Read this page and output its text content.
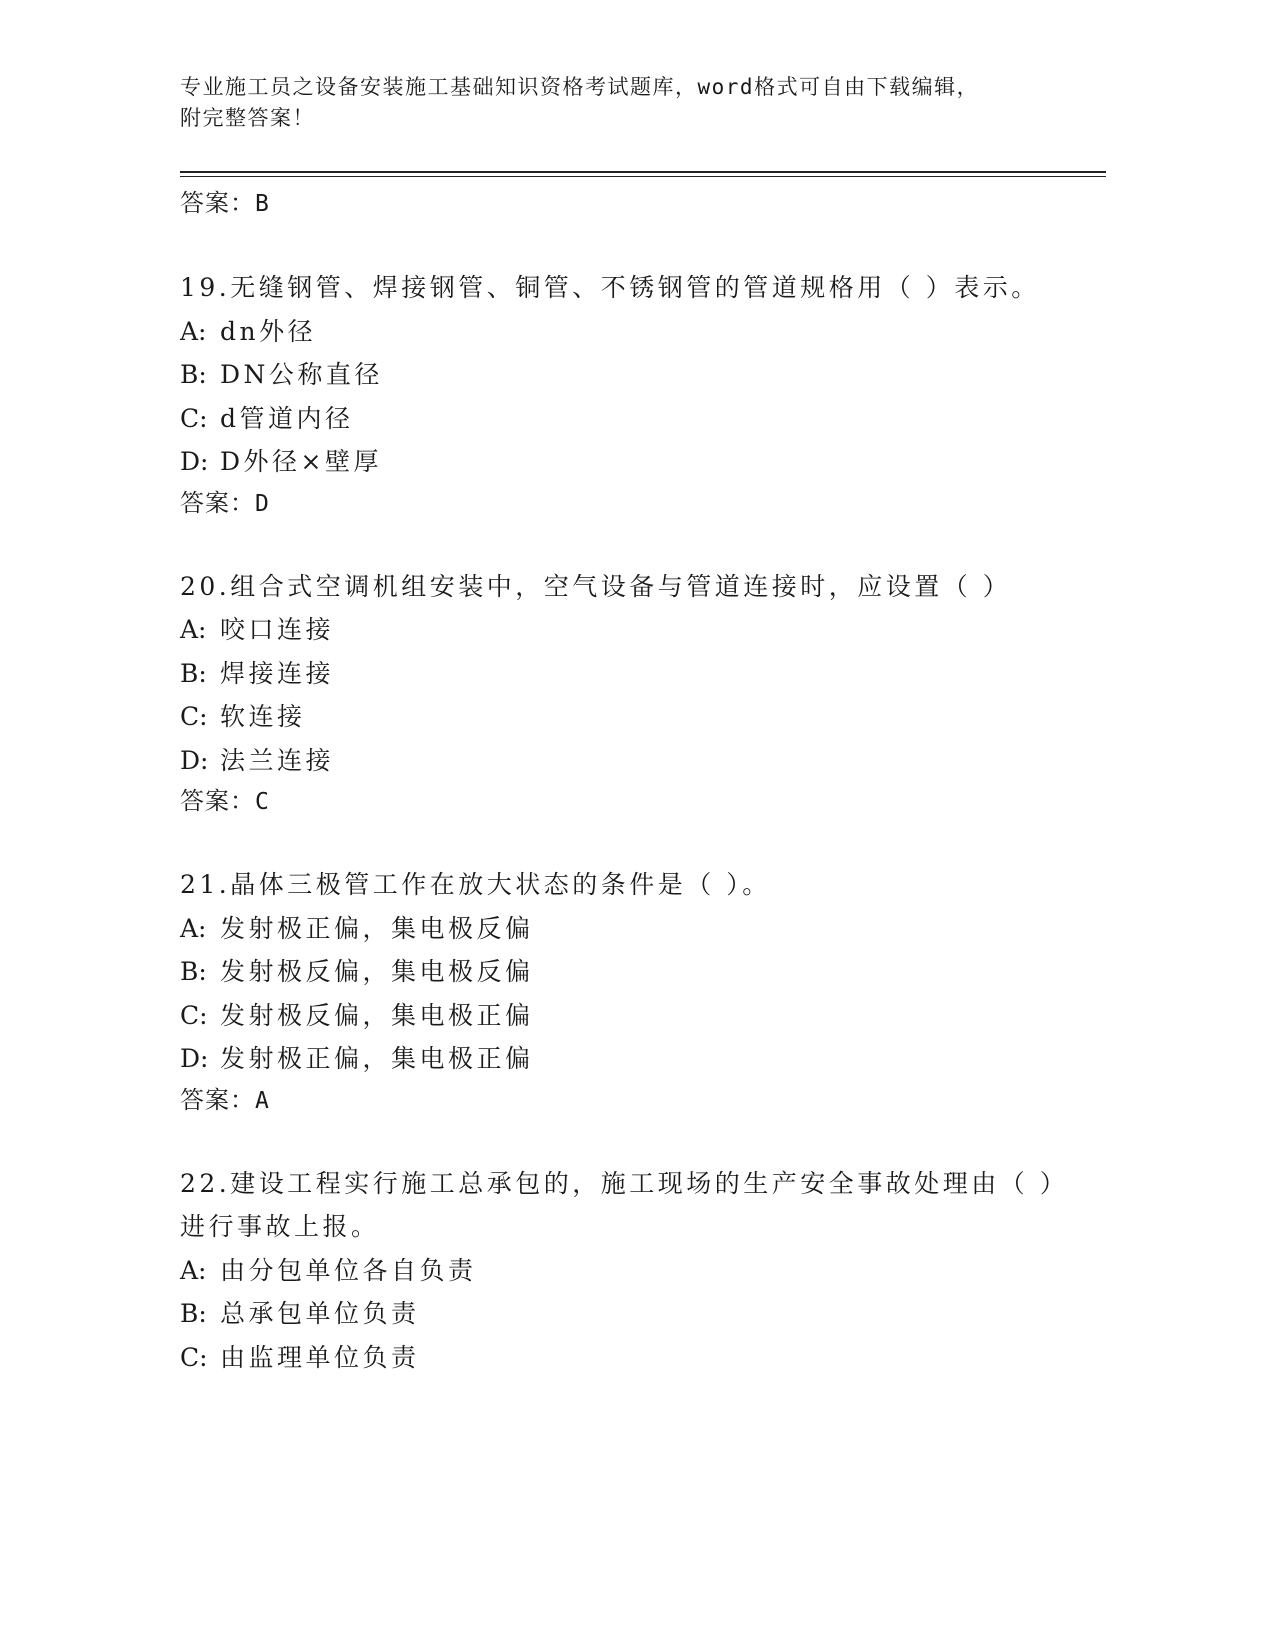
专业施工员之设备安装施工基础知识资格考试题库，word格式可自由下载编辑，
附完整答案！
答案：B
19.无缝钢管、焊接钢管、铜管、不锈钢管的管道规格用（ ）表示。
A: dn外径
B: DN公称直径
C: d管道内径
D: D外径×壁厚
答案：D
20.组合式空调机组安装中，空气设备与管道连接时，应设置（ ）
A: 咬口连接
B: 焊接连接
C: 软连接
D: 法兰连接
答案：C
21.晶体三极管工作在放大状态的条件是（ ）。
A: 发射极正偏，集电极反偏
B: 发射极反偏，集电极反偏
C: 发射极反偏，集电极正偏
D: 发射极正偏，集电极正偏
答案：A
22.建设工程实行施工总承包的，施工现场的生产安全事故处理由（ ）进行事故上报。
A: 由分包单位各自负责
B: 总承包单位负责
C: 由监理单位负责
